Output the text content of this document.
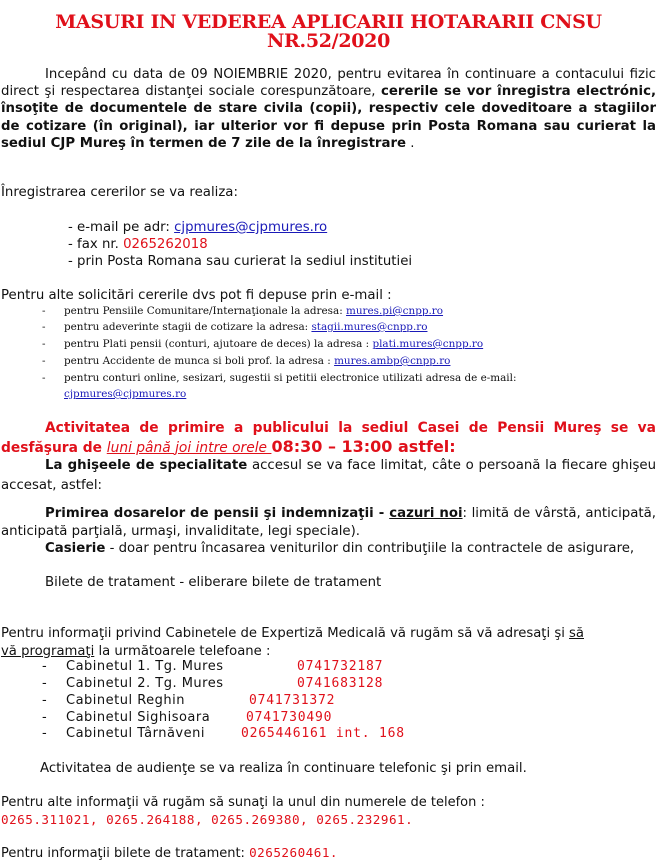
MASURI IN VEDEREA APLICARII HOTARARII CNSU
NR.52/2020

Incepând cu data de 09 NOIEMBRIE 2020, pentru evitarea în continuare a contacului fizic direct şi respectarea distanţei sociale corespunzătoare, cererile se vor înregistra electrónic, însoţite de documentele de stare civila (copii), respectiv cele doveditoare a stagiilor de cotizare (în original), iar ulterior vor fi depuse prin Posta Romana sau curierat la sediul CJP Mureş în termen de 7 zile de la înregistrare .

Înregistrarea cererilor se va realiza:
- e-mail pe adr: cjpmures@cjpmures.ro
- fax nr. 0265262018
- prin Posta Romana sau curierat la sediul institutiei
Pentru alte solicitări cererile dvs pot fi depuse prin e-mail :
- pentru Pensiile Comunitare/Internaţionale la adresa: mures.pi@cnpp.ro
- pentru adeverinte stagii de cotizare la adresa: stagii.mures@cnpp.ro
- pentru Plati pensii (conturi, ajutoare de deces) la adresa : plati.mures@cnpp.ro
- pentru Accidente de munca si boli prof. la adresa : mures.ambp@cnpp.ro
- pentru conturi online, sesizari, sugestii si petitii electronice utilizati adresa de e-mail:
cjpmures@cjpmures.ro

Activitatea de primire a publicului la sediul Casei de Pensii Mureş se va desfăşura de luni până joi intre orele 08:30 – 13:00 astfel:

La ghişeele de specialitate accesul se va face limitat, câte o persoană la fiecare ghişeu accesat, astfel:

Primirea dosarelor de pensii şi indemnizaţii - cazuri noi: limită de vârstă, anticipată, anticipată parţială, urmaşi, invaliditate, legi speciale).

Casierie - doar pentru încasarea veniturilor din contribuţiile la contractele de asigurare,

Bilete de tratament - eliberare bilete de tratament

Pentru informaţii privind Cabinetele de Expertiză Medicală vă rugăm să vă adresaţi şi să
vă programaţi la următoarele telefoane :

- Cabinetul 1. Tg. Mures	0741732187
- Cabinetul 2. Tg. Mures	0741683128
- Cabinetul Reghin	0741731372
- Cabinetul Sighisoara	0741730490
- Cabinetul Târnăveni	0265446161 int. 168
Activitatea de audienţe se va realiza în continuare telefonic şi prin email.
Pentru alte informaţii vă rugăm să sunaţi la unul din numerele de telefon :
0265.311021, 0265.264188, 0265.269380, 0265.232961.
Pentru informaţii bilete de tratament: 0265260461.
